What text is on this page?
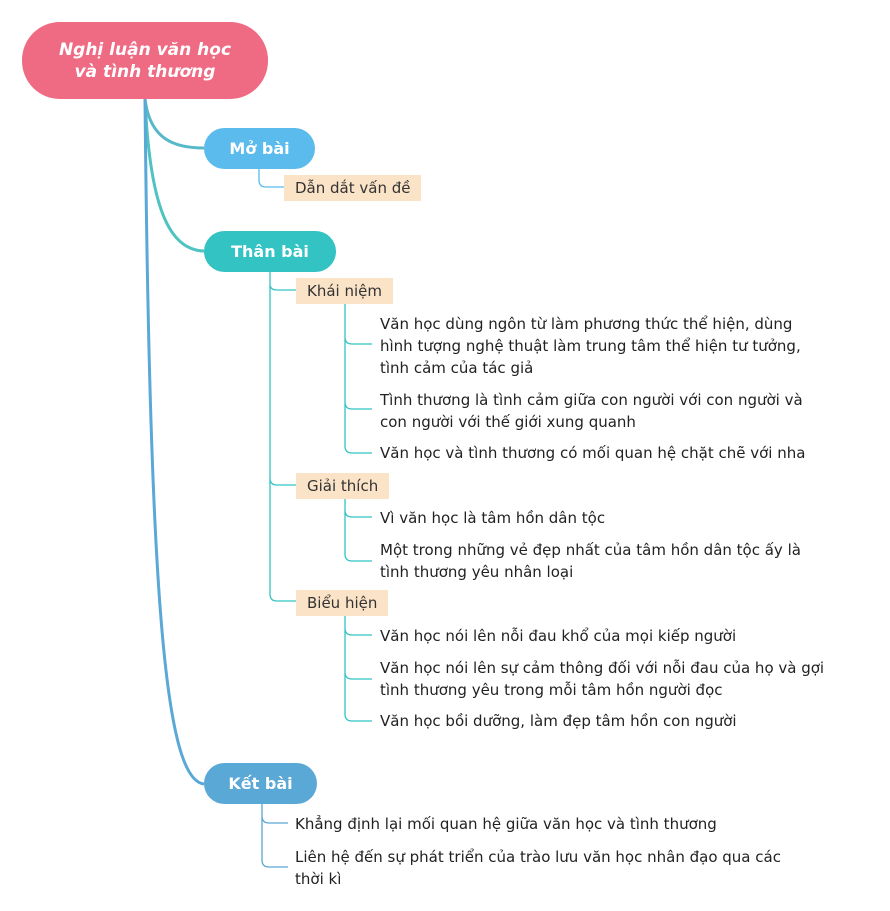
Nghị luận văn học
và tình thương
Mở bài
Dẫn dắt vấn đề
Thân bài
Khái niệm
Văn học dùng ngôn từ làm phương thức thể hiện, dùng
hình tượng nghệ thuật làm trung tâm thể hiện tư tưởng,
tình cảm của tác giả
Tình thương là tình cảm giữa con người với con người và
con người với thế giới xung quanh
Văn học và tình thương có mối quan hệ chặt chẽ với nha
Giải thích
Vì văn học là tâm hồn dân tộc
Một trong những vẻ đẹp nhất của tâm hồn dân tộc ấy là
tình thương yêu nhân loại
Biểu hiện
Văn học nói lên nỗi đau khổ của mọi kiếp người
Văn học nói lên sự cảm thông đối với nỗi đau của họ và gợi
tình thương yêu trong mỗi tâm hồn người đọc
Văn học bồi dưỡng, làm đẹp tâm hồn con người
Kết bài
Khẳng định lại mối quan hệ giữa văn học và tình thương
Liên hệ đến sự phát triển của trào lưu văn học nhân đạo qua các
thời kì
